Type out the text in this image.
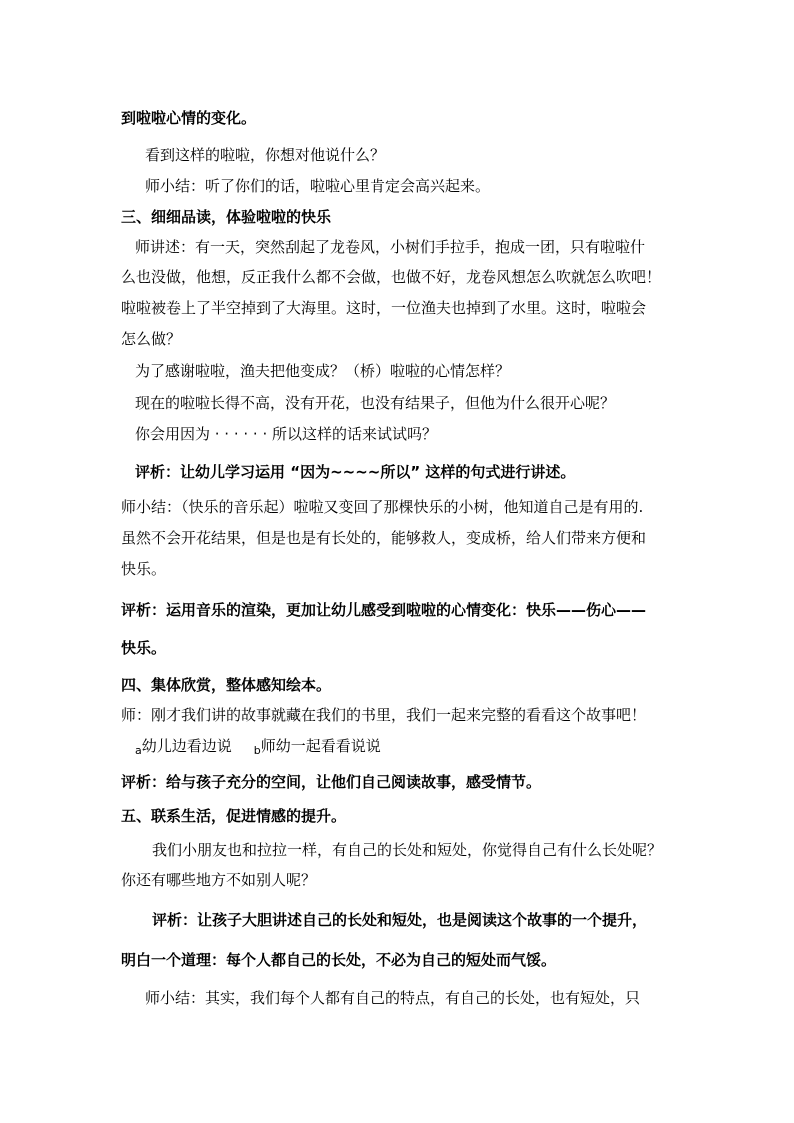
到啦啦心情的变化。
看到这样的啦啦，你想对他说什么？
师小结：听了你们的话，啦啦心里肯定会高兴起来。
三、细细品读，体验啦啦的快乐
师讲述：有一天，突然刮起了龙卷风，小树们手拉手，抱成一团，只有啦啦什
么也没做，他想，反正我什么都不会做，也做不好，龙卷风想怎么吹就怎么吹吧！
啦啦被卷上了半空掉到了大海里。这时，一位渔夫也掉到了水里。这时，啦啦会
怎么做？
为了感谢啦啦，渔夫把他变成？（桥）啦啦的心情怎样？
现在的啦啦长得不高，没有开花，也没有结果子，但他为什么很开心呢？
你会用因为 · · · · · · 所以这样的话来试试吗？
评析：让幼儿学习运用 “因为~~~~所以” 这样的句式进行讲述。
师小结：（快乐的音乐起）啦啦又变回了那棵快乐的小树，他知道自己是有用的.
虽然不会开花结果，但是也是有长处的，能够救人，变成桥，给人们带来方便和
快乐。
评析：运用音乐的渲染，更加让幼儿感受到啦啦的心情变化：快乐——伤心——
快乐。
四、集体欣赏，整体感知绘本。
师：刚才我们讲的故事就藏在我们的书里，我们一起来完整的看看这个故事吧！
$_a$幼儿边看边说 $_b$师幼一起看看说说
评析：给与孩子充分的空间，让他们自己阅读故事，感受情节。
五、联系生活，促进情感的提升。
我们小朋友也和拉拉一样，有自己的长处和短处，你觉得自己有什么长处呢？
你还有哪些地方不如别人呢？
评析：让孩子大胆讲述自己的长处和短处，也是阅读这个故事的一个提升，
明白一个道理：每个人都自己的长处，不必为自己的短处而气馁。
师小结：其实，我们每个人都有自己的特点，有自己的长处，也有短处，只
